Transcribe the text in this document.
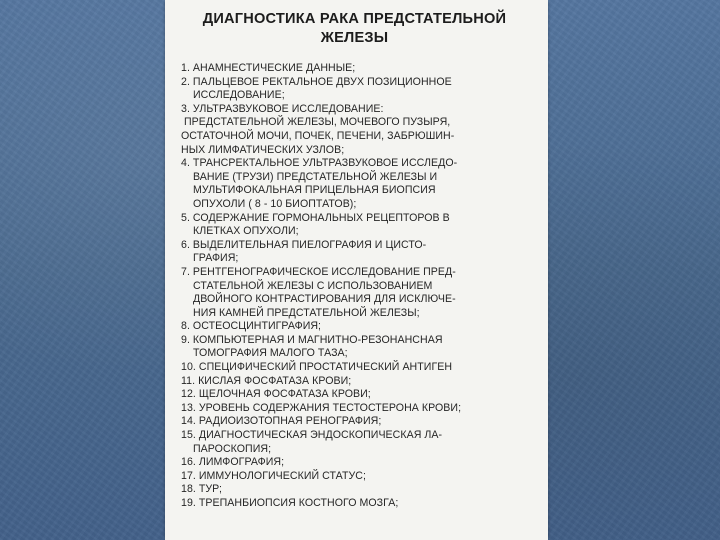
ДИАГНОСТИКА РАКА ПРЕДСТАТЕЛЬНОЙ
ЖЕЛЕЗЫ
1. АНАМНЕСТИЧЕСКИЕ ДАННЫЕ;
2. ПАЛЬЦЕВОЕ РЕКТАЛЬНОЕ ДВУХ ПОЗИЦИОННОЕ
ИССЛЕДОВАНИЕ;
3. УЛЬТРАЗВУКОВОЕ ИССЛЕДОВАНИЕ:
ПРЕДСТАТЕЛЬНОЙ ЖЕЛЕЗЫ, МОЧЕВОГО ПУЗЫРЯ,
ОСТАТОЧНОЙ МОЧИ, ПОЧЕК, ПЕЧЕНИ, ЗАБРЮШИН-
НЫХ ЛИМФАТИЧЕСКИХ УЗЛОВ;
4. ТРАНСРЕКТАЛЬНОЕ УЛЬТРАЗВУКОВОЕ ИССЛЕДО-
ВАНИЕ (ТРУЗИ) ПРЕДСТАТЕЛЬНОЙ ЖЕЛЕЗЫ И
МУЛЬТИФОКАЛЬНАЯ ПРИЦЕЛЬНАЯ БИОПСИЯ
ОПУХОЛИ ( 8 - 10 БИОПТАТОВ);
5. СОДЕРЖАНИЕ ГОРМОНАЛЬНЫХ РЕЦЕПТОРОВ В
КЛЕТКАХ ОПУХОЛИ;
6. ВЫДЕЛИТЕЛЬНАЯ ПИЕЛОГРАФИЯ И ЦИСТО-
ГРАФИЯ;
7. РЕНТГЕНОГРАФИЧЕСКОЕ ИССЛЕДОВАНИЕ ПРЕД-
СТАТЕЛЬНОЙ ЖЕЛЕЗЫ С ИСПОЛЬЗОВАНИЕМ
ДВОЙНОГО КОНТРАСТИРОВАНИЯ ДЛЯ ИСКЛЮЧЕ-
НИЯ КАМНЕЙ ПРЕДСТАТЕЛЬНОЙ ЖЕЛЕЗЫ;
8. ОСТЕОСЦИНТИГРАФИЯ;
9. КОМПЬЮТЕРНАЯ И МАГНИТНО-РЕЗОНАНСНАЯ
ТОМОГРАФИЯ МАЛОГО ТАЗА;
10. СПЕЦИФИЧЕСКИЙ ПРОСТАТИЧЕСКИЙ АНТИГЕН
11. КИСЛАЯ ФОСФАТАЗА КРОВИ;
12. ЩЕЛОЧНАЯ ФОСФАТАЗА КРОВИ;
13. УРОВЕНЬ СОДЕРЖАНИЯ ТЕСТОСТЕРОНА КРОВИ;
14. РАДИОИЗОТОПНАЯ РЕНОГРАФИЯ;
15. ДИАГНОСТИЧЕСКАЯ ЭНДОСКОПИЧЕСКАЯ ЛА-
ПАРОСКОПИЯ;
16. ЛИМФОГРАФИЯ;
17. ИММУНОЛОГИЧЕСКИЙ СТАТУС;
18. ТУР;
19. ТРЕПАНБИОПСИЯ КОСТНОГО МОЗГА;
